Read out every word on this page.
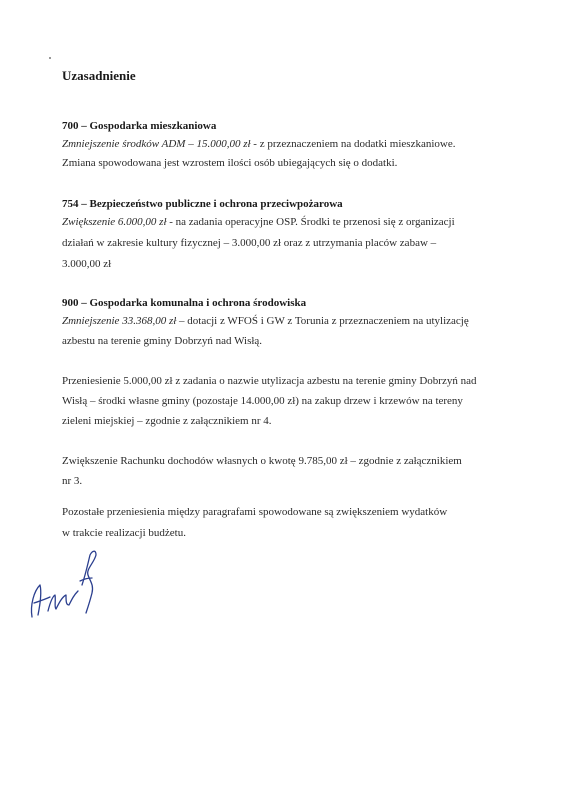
Uzasadnienie
700 – Gospodarka mieszkaniowa
Zmniejszenie środków ADM – 15.000,00 zł - z przeznaczeniem na dodatki mieszkaniowe.
Zmiana spowodowana jest wzrostem ilości osób ubiegających się o dodatki.
754 – Bezpieczeństwo publiczne i ochrona przeciwpożarowa
Zwiększenie 6.000,00 zł - na zadania operacyjne OSP. Środki te przenosi się z organizacji
działań w zakresie kultury fizycznej – 3.000,00 zł oraz z utrzymania placów zabaw –
3.000,00 zł
900 – Gospodarka komunalna i ochrona środowiska
Zmniejszenie 33.368,00 zł – dotacji z WFOŚ i GW z Torunia z przeznaczeniem na utylizację
azbestu na terenie gminy Dobrzyń nad Wisłą.
Przeniesienie 5.000,00 zł z zadania o nazwie utylizacja azbestu na terenie gminy Dobrzyń nad
Wisłą – środki własne gminy (pozostaje 14.000,00 zł) na zakup drzew i krzewów na tereny
zieleni miejskiej – zgodnie z załącznikiem nr 4.
Zwiększenie Rachunku dochodów własnych o kwotę 9.785,00 zł – zgodnie z załącznikiem
nr 3.
Pozostałe przeniesienia między paragrafami spowodowane są zwiększeniem wydatków
w trakcie realizacji budżetu.
